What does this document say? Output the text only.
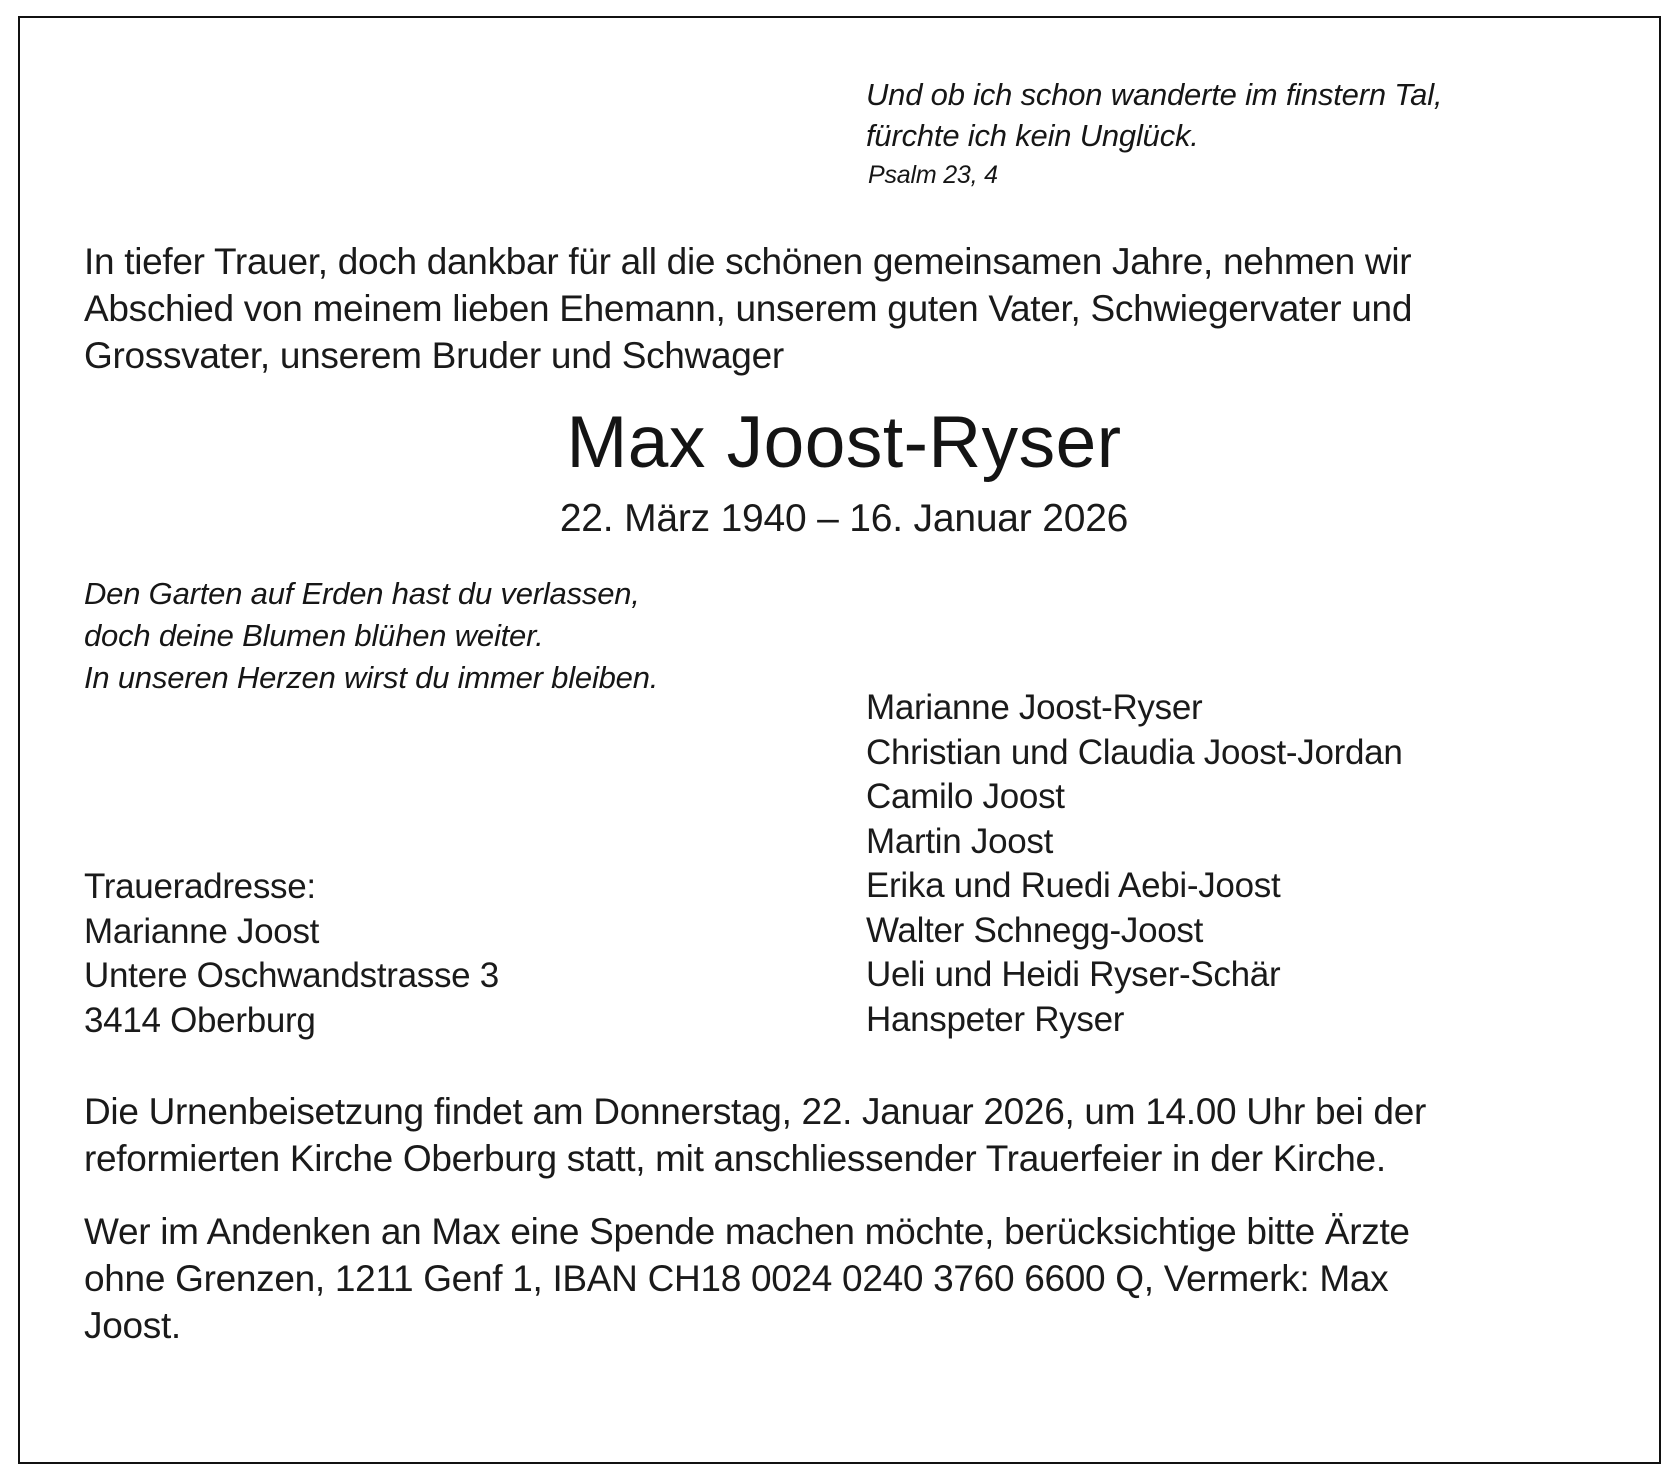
Und ob ich schon wanderte im finstern Tal,
fürchte ich kein Unglück.
Psalm 23, 4
In tiefer Trauer, doch dankbar für all die schönen gemeinsamen Jahre, nehmen wir Abschied von meinem lieben Ehemann, unserem guten Vater, Schwiegervater und Grossvater, unserem Bruder und Schwager
Max Joost-Ryser
22. März 1940 – 16. Januar 2026
Den Garten auf Erden hast du verlassen,
doch deine Blumen blühen weiter.
In unseren Herzen wirst du immer bleiben.
Marianne Joost-Ryser
Christian und Claudia Joost-Jordan
Camilo Joost
Martin Joost
Erika und Ruedi Aebi-Joost
Walter Schnegg-Joost
Ueli und Heidi Ryser-Schär
Hanspeter Ryser
Traueradresse:
Marianne Joost
Untere Oschwandstrasse 3
3414 Oberburg
Die Urnenbeisetzung findet am Donnerstag, 22. Januar 2026, um 14.00 Uhr bei der reformierten Kirche Oberburg statt, mit anschliessender Trauerfeier in der Kirche.
Wer im Andenken an Max eine Spende machen möchte, berücksichtige bitte Ärzte ohne Grenzen, 1211 Genf 1, IBAN CH18 0024 0240 3760 6600 Q, Vermerk: Max Joost.
